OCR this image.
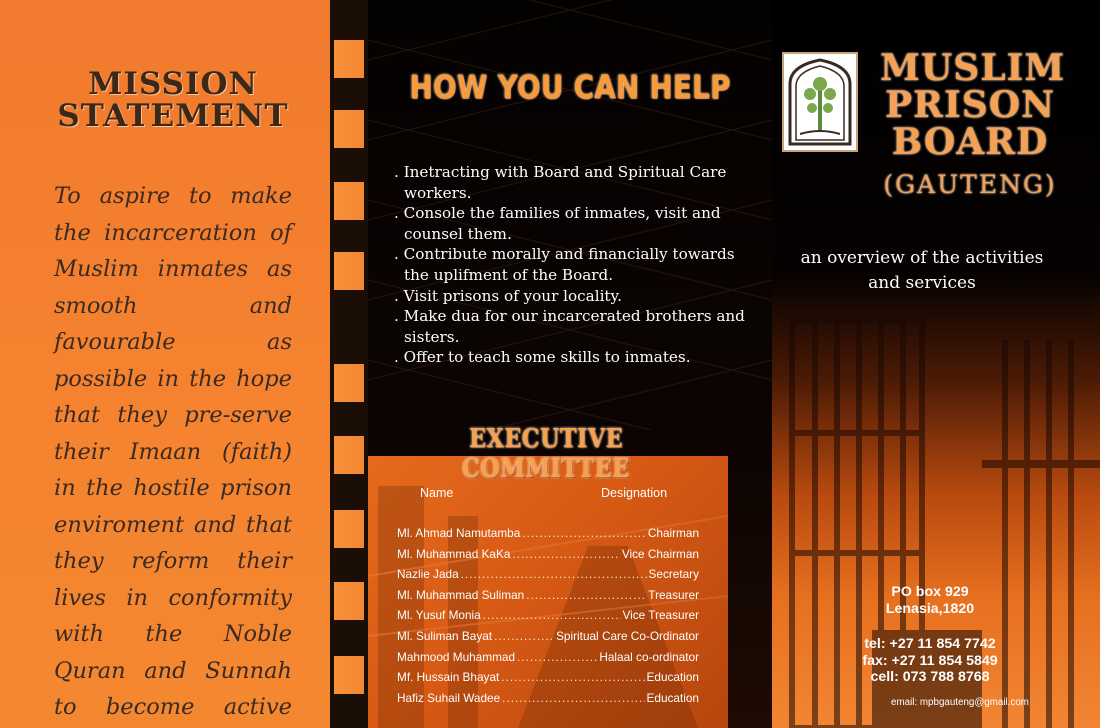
MISSION
STATEMENT

To aspire to make the incarceration of Muslim inmates as smooth and favourable as possible in the hope that they pre-serve their Imaan (faith) in the hostile prison enviroment and that they reform their lives in conformity with the Noble Quran and Sunnah to become active

HOW YOU CAN HELP
. Inetracting with Board and Spiritual Care workers.
. Console the families of inmates, visit and counsel them.
. Contribute morally and financially towards the uplifment of the Board.
. Visit prisons of your locality.
. Make dua for our incarcerated brothers and sisters.
. Offer to teach some skills to inmates.
EXECUTIVE COMMITTEE
Name	Designation
Ml. Ahmad Namutamba .....	Chairman
Ml. Muhammad KaKa .....	Vice Chairman
Nazlie Jada .....	Secretary
Ml. Muhammad Suliman .....	Treasurer
Ml. Yusuf Monia .....	Vice Treasurer
Ml. Suliman Bayat .....	Spiritual Care Co-Ordinator
Mahmood Muhammad .....	Halaal co-ordinator
Mf. Hussain Bhayat .....	Education
Hafiz Suhail Wadee .....	Education
MUSLIM
PRISON
BOARD
(GAUTENG)

an overview of the activities
and services

PO box 929
Lenasia,1820
tel: +27 11 854 7742
fax: +27 11 854 5849
cell: 073 788 8768
email: mpbgauteng@gmail.com
